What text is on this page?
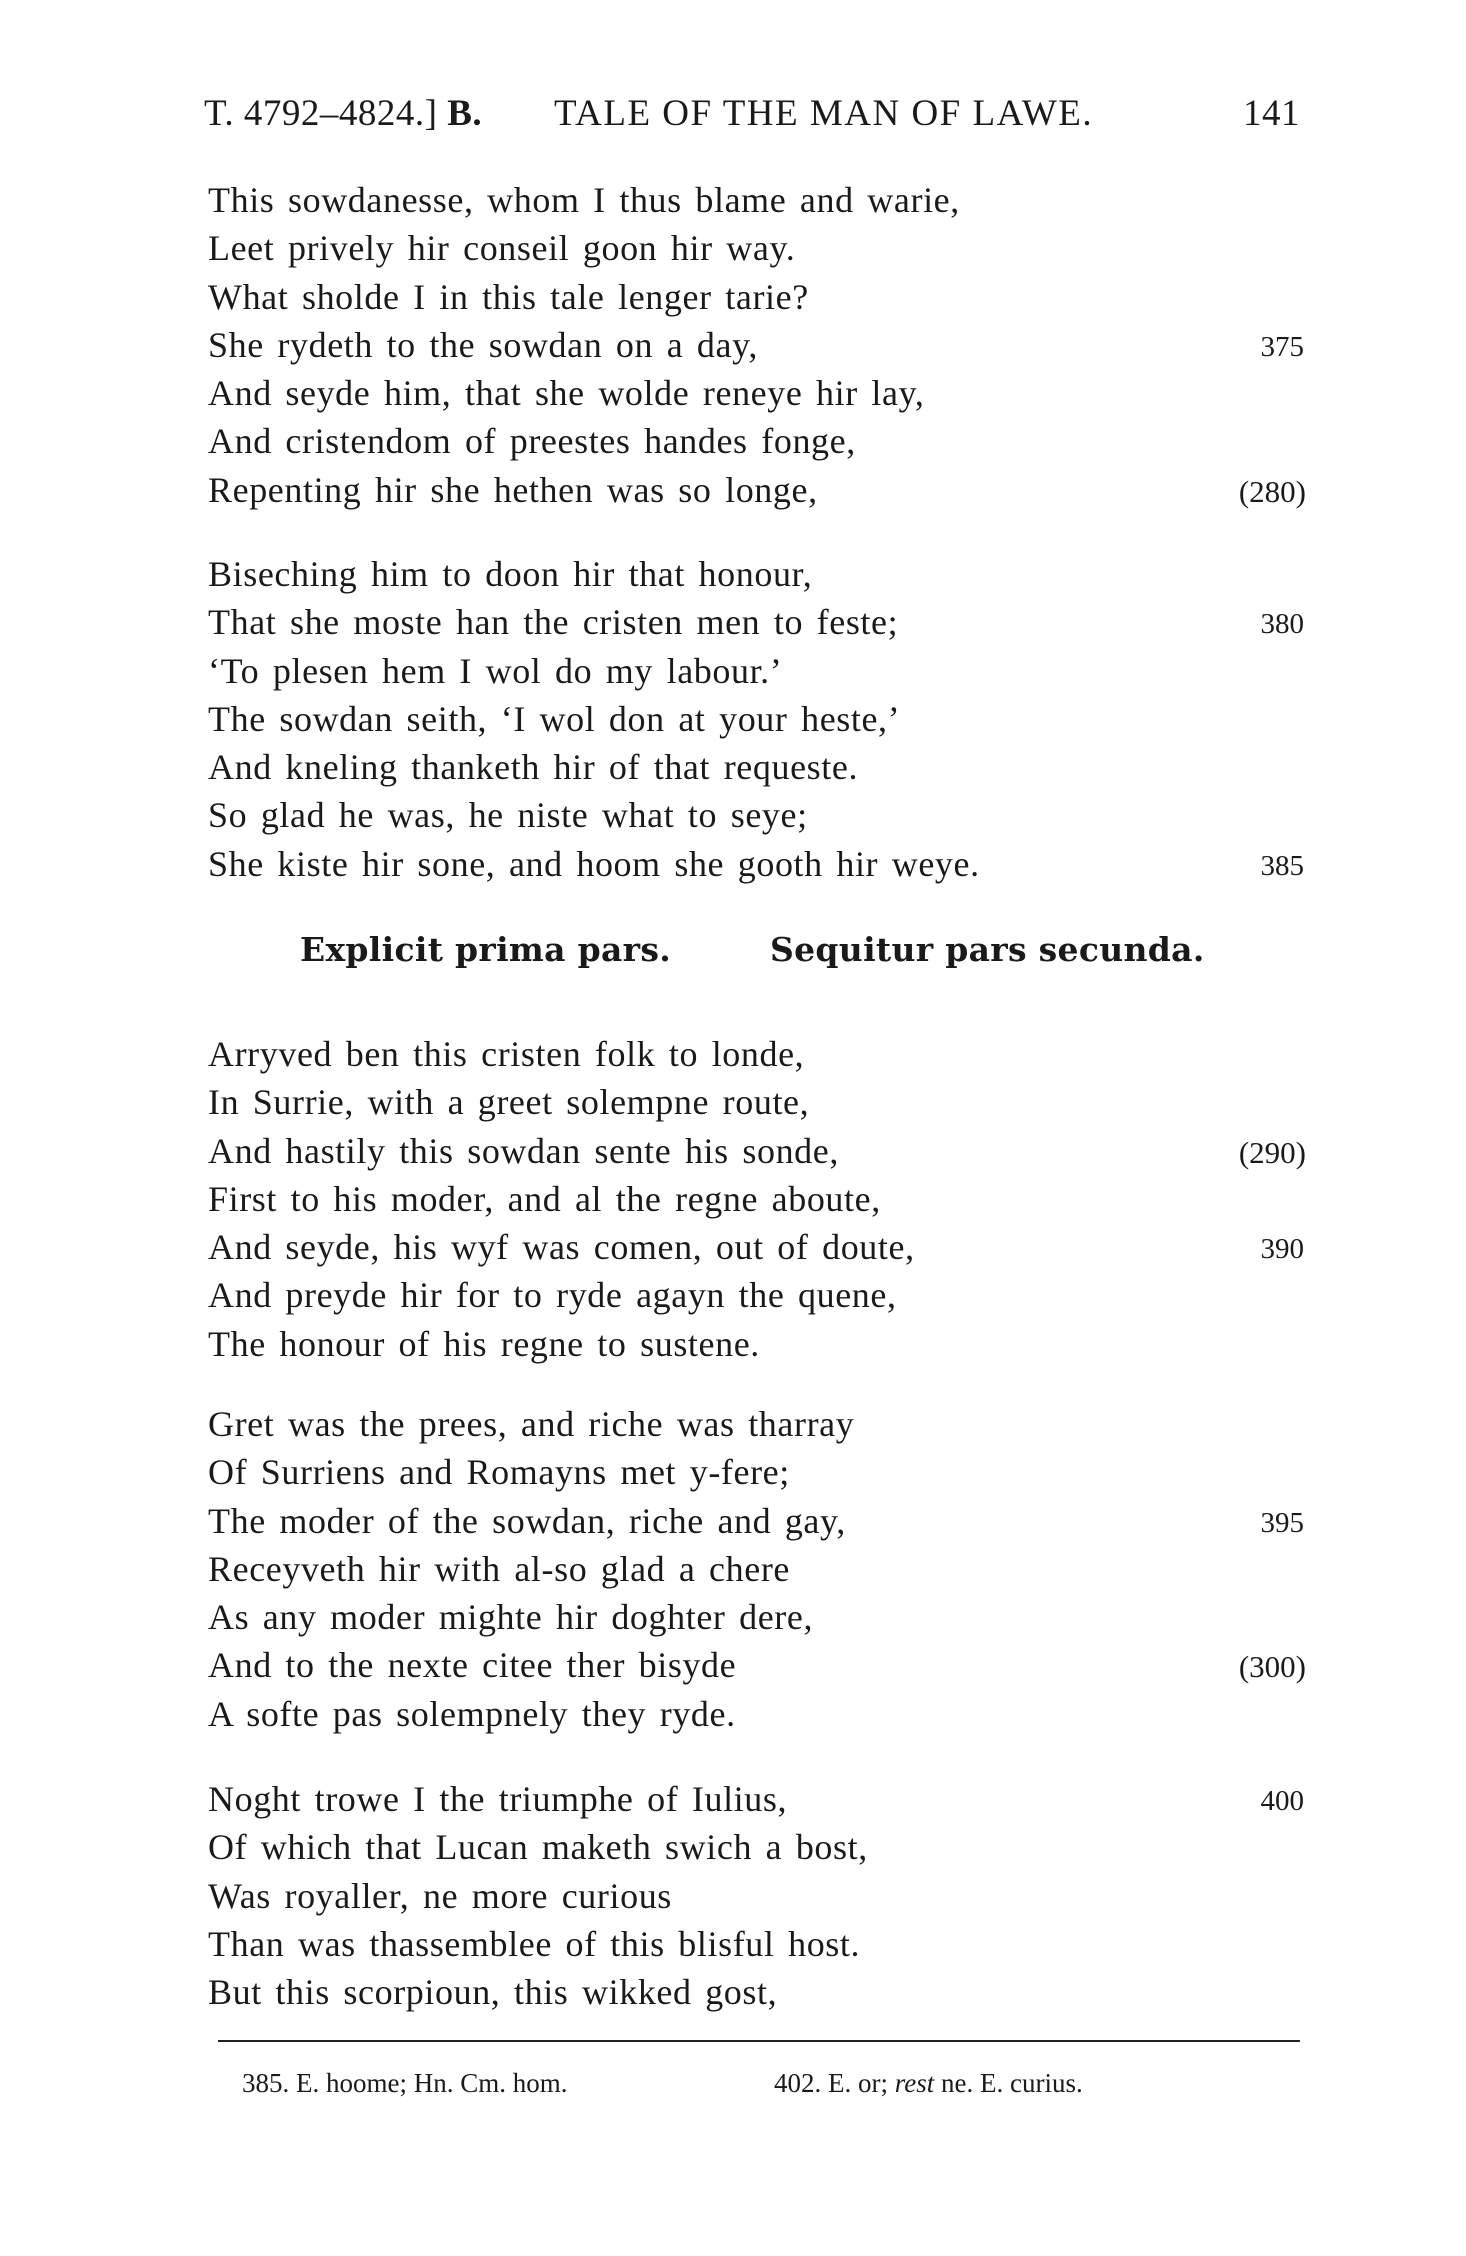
T. 4792–4824.] B. TALE OF THE MAN OF LAWE.	141
This sowdanesse, whom I thus blame and warie,
Leet prively hir conseil goon hir way.
What sholde I in this tale lenger tarie?
She rydeth to the sowdan on a day,	375
And seyde him, that she wolde reneye hir lay,
And cristendom of preestes handes fonge,
Repenting hir she hethen was so longe,	(280)
Biseching him to doon hir that honour,
That she moste han the cristen men to feste;	380
‘To plesen hem I wol do my labour.’
The sowdan seith, ‘I wol don at your heste,’
And kneling thanketh hir of that requeste.
So glad he was, he niste what to seye;
She kiste hir sone, and hoom she gooth hir weye.	385
Explicit prima pars.	Sequitur pars secunda.
Arryved ben this cristen folk to londe,
In Surrie, with a greet solempne route,
And hastily this sowdan sente his sonde,	(290)
First to his moder, and al the regne aboute,
And seyde, his wyf was comen, out of doute,	390
And preyde hir for to ryde agayn the quene,
The honour of his regne to sustene.
Gret was the prees, and riche was tharray
Of Surriens and Romayns met y-fere;
The moder of the sowdan, riche and gay,	395
Receyveth hir with al-so glad a chere
As any moder mighte hir doghter dere,
And to the nexte citee ther bisyde	(300)
A softe pas solempnely they ryde.
Noght trowe I the triumphe of Iulius,	400
Of which that Lucan maketh swich a bost,
Was royaller, ne more curious
Than was thassemblee of this blisful host.
But this scorpioun, this wikked gost,
385. E. hoome; Hn. Cm. hom.	402. E. or; rest ne. E. curius.
